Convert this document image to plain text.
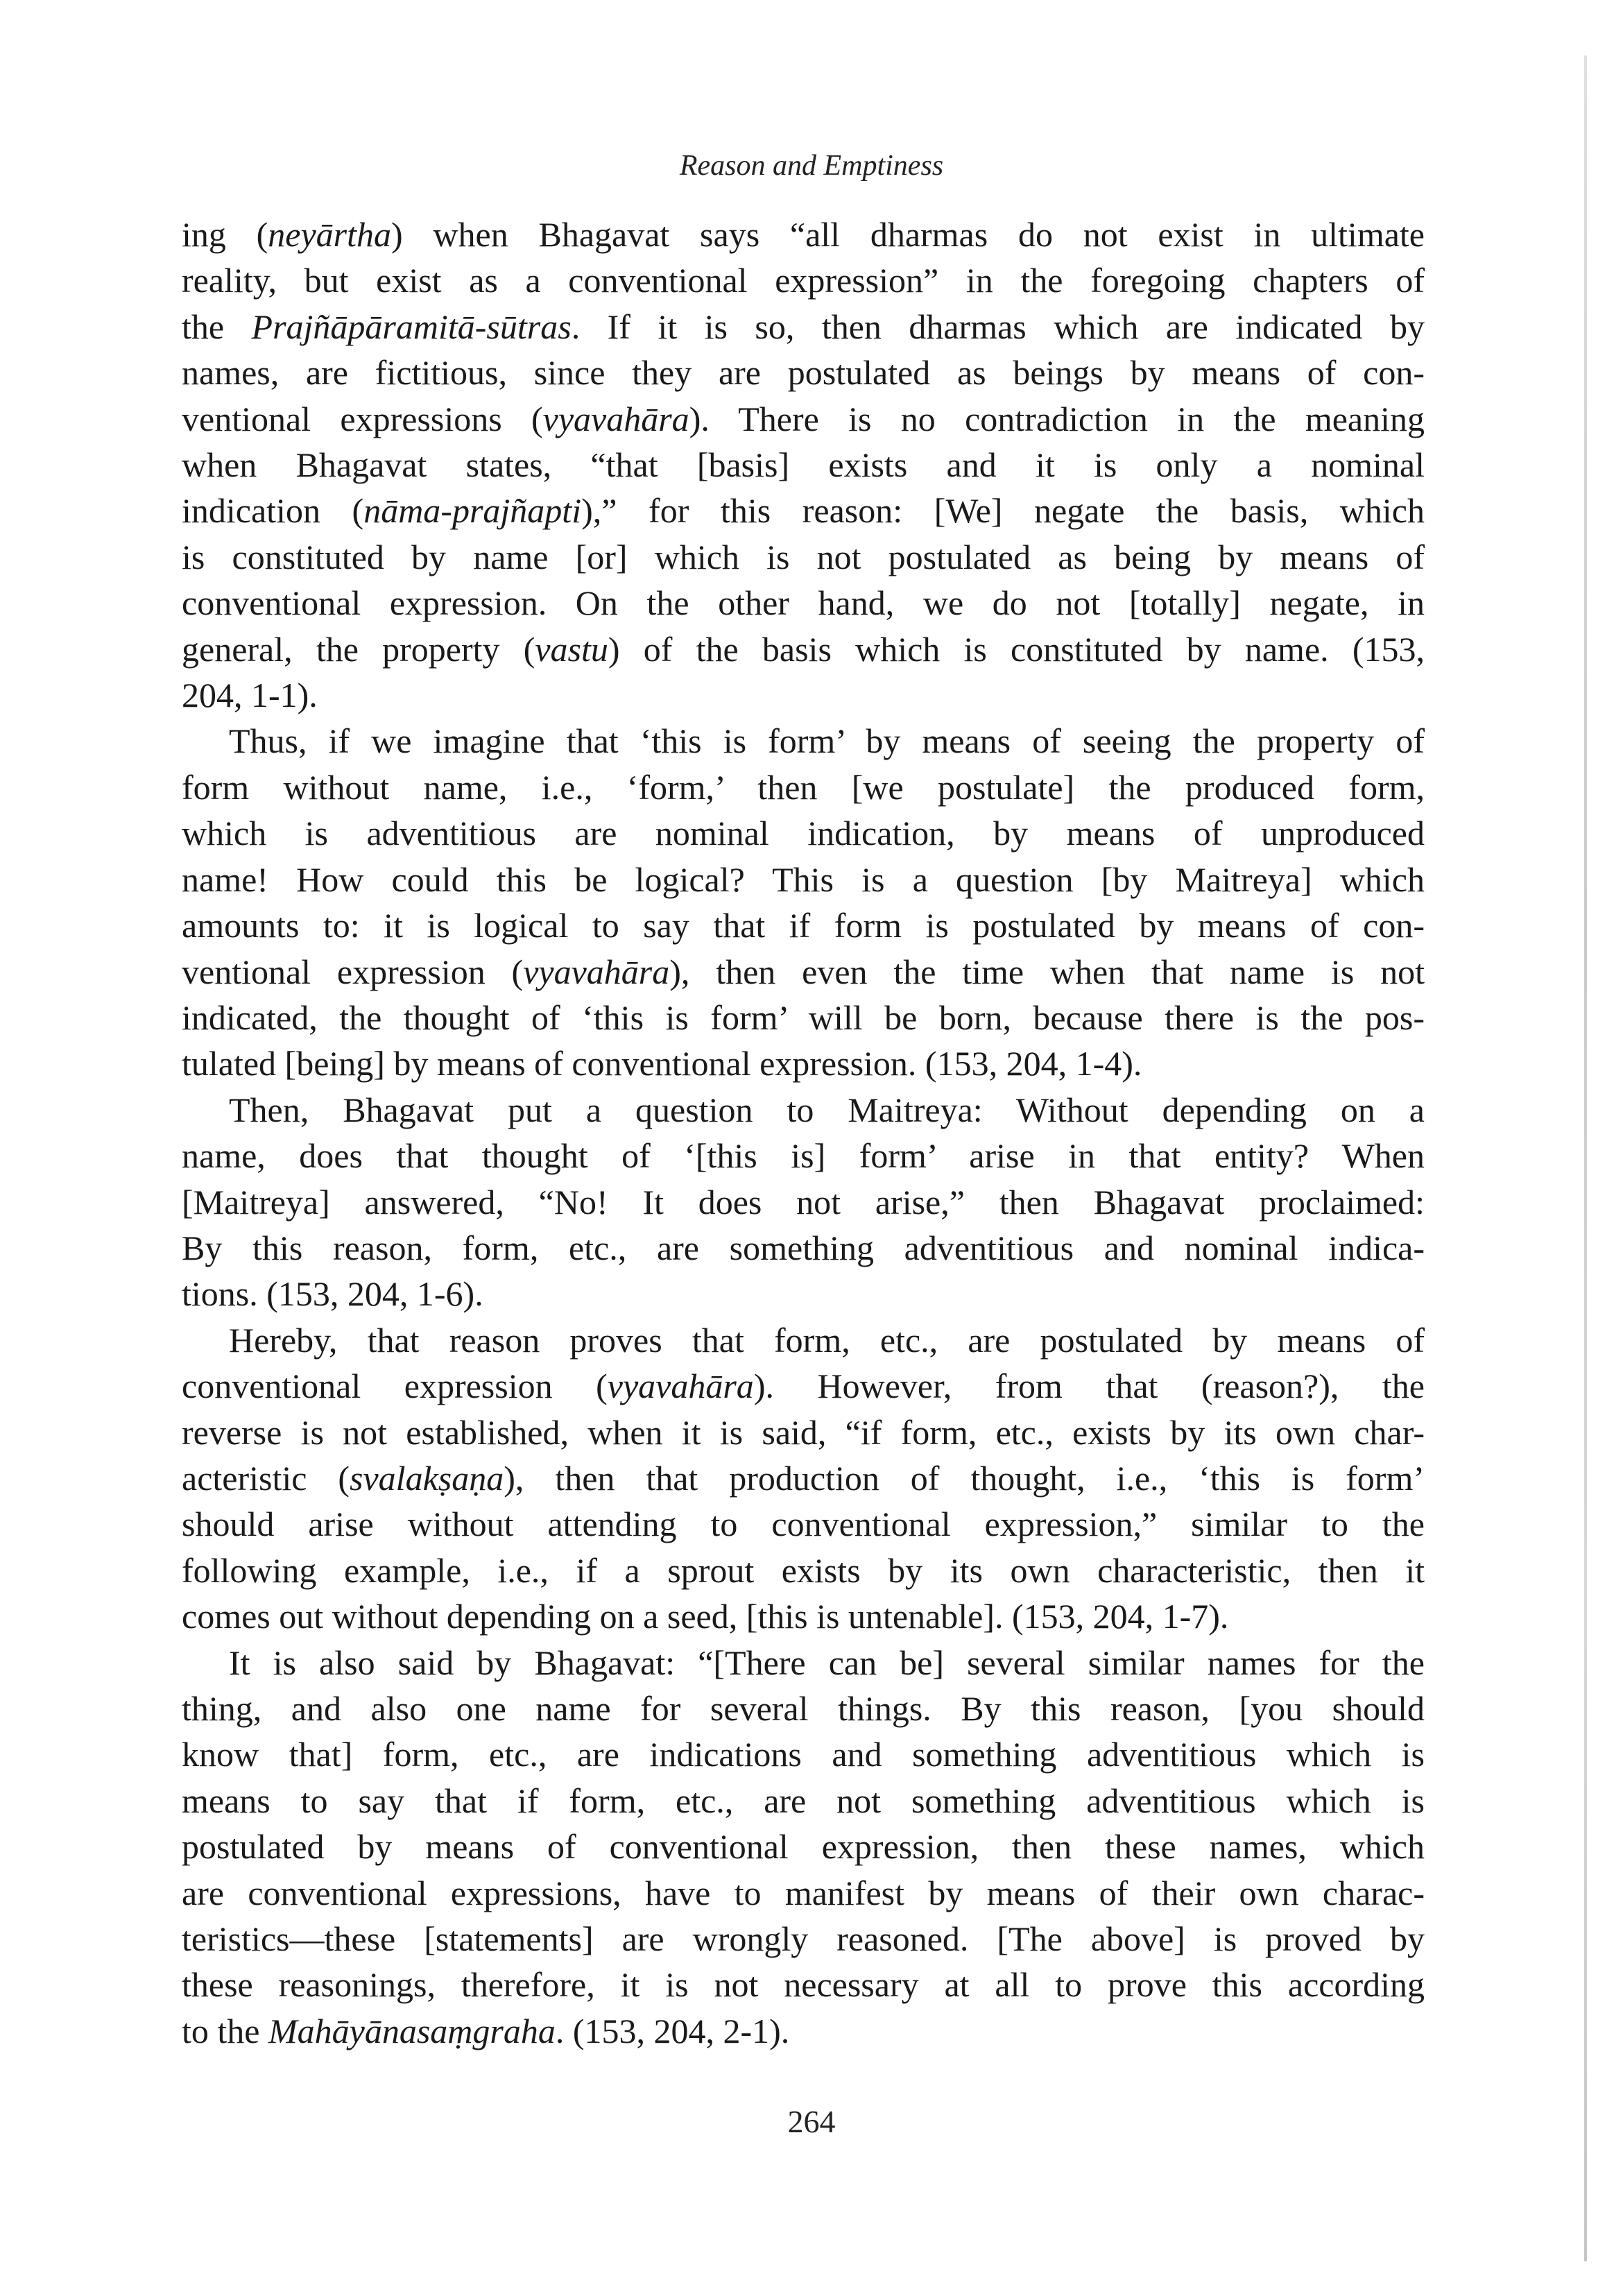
Reason and Emptiness

ing (neyārtha) when Bhagavat says “all dharmas do not exist in ultimate
reality, but exist as a conventional expression” in the foregoing chapters of
the Prajñāpāramitā-sūtras. If it is so, then dharmas which are indicated by
names, are fictitious, since they are postulated as beings by means of con-
ventional expressions (vyavahāra). There is no contradiction in the meaning
when Bhagavat states, “that [basis] exists and it is only a nominal
indication (nāma-prajñapti),” for this reason: [We] negate the basis, which
is constituted by name [or] which is not postulated as being by means of
conventional expression. On the other hand, we do not [totally] negate, in
general, the property (vastu) of the basis which is constituted by name. (153,
204, 1-1).

Thus, if we imagine that ‘this is form’ by means of seeing the property of
form without name, i.e., ‘form,’ then [we postulate] the produced form,
which is adventitious are nominal indication, by means of unproduced
name! How could this be logical? This is a question [by Maitreya] which
amounts to: it is logical to say that if form is postulated by means of con-
ventional expression (vyavahāra), then even the time when that name is not
indicated, the thought of ‘this is form’ will be born, because there is the pos-
tulated [being] by means of conventional expression. (153, 204, 1-4).

Then, Bhagavat put a question to Maitreya: Without depending on a
name, does that thought of ‘[this is] form’ arise in that entity? When
[Maitreya] answered, “No! It does not arise,” then Bhagavat proclaimed:
By this reason, form, etc., are something adventitious and nominal indica-
tions. (153, 204, 1-6).

Hereby, that reason proves that form, etc., are postulated by means of
conventional expression (vyavahāra). However, from that (reason?), the
reverse is not established, when it is said, “if form, etc., exists by its own char-
acteristic (svalakṣaṇa), then that production of thought, i.e., ‘this is form’
should arise without attending to conventional expression,” similar to the
following example, i.e., if a sprout exists by its own characteristic, then it
comes out without depending on a seed, [this is untenable]. (153, 204, 1-7).

It is also said by Bhagavat: “[There can be] several similar names for the
thing, and also one name for several things. By this reason, [you should
know that] form, etc., are indications and something adventitious which is
means to say that if form, etc., are not something adventitious which is
postulated by means of conventional expression, then these names, which
are conventional expressions, have to manifest by means of their own charac-
teristics—these [statements] are wrongly reasoned. [The above] is proved by
these reasonings, therefore, it is not necessary at all to prove this according
to the Mahāyānasaṃgraha. (153, 204, 2-1).

264
